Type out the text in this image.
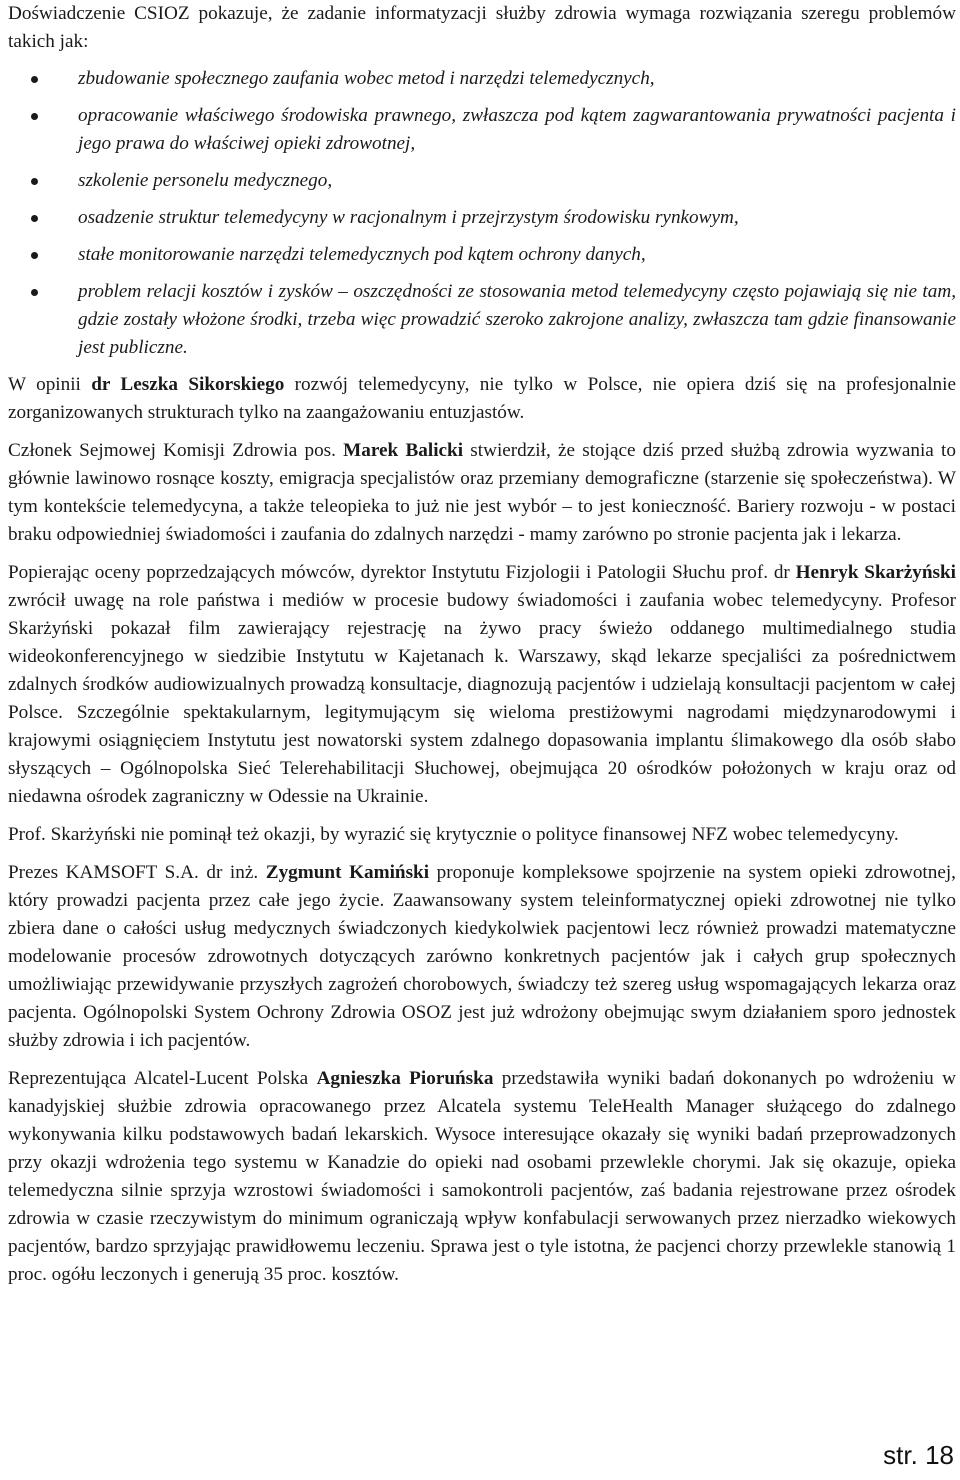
Doświadczenie CSIOZ pokazuje, że zadanie informatyzacji służby zdrowia wymaga rozwiązania szeregu problemów takich jak:

zbudowanie społecznego zaufania wobec metod i narzędzi telemedycznych,
opracowanie właściwego środowiska prawnego, zwłaszcza pod kątem zagwarantowania prywatności pacjenta i jego prawa do właściwej opieki zdrowotnej,
szkolenie personelu medycznego,
osadzenie struktur telemedycyny w racjonalnym i przejrzystym środowisku rynkowym,
stałe monitorowanie narzędzi telemedycznych pod kątem ochrony danych,
problem relacji kosztów i zysków – oszczędności ze stosowania metod telemedycyny często pojawiają się nie tam, gdzie zostały włożone środki, trzeba więc prowadzić szeroko zakrojone analizy, zwłaszcza tam gdzie finansowanie jest publiczne.

W opinii dr Leszka Sikorskiego rozwój telemedycyny, nie tylko w Polsce, nie opiera dziś się na profesjonalnie zorganizowanych strukturach tylko na zaangażowaniu entuzjastów.

Członek Sejmowej Komisji Zdrowia pos. Marek Balicki stwierdził, że stojące dziś przed służbą zdrowia wyzwania to głównie lawinowo rosnące koszty, emigracja specjalistów oraz przemiany demograficzne (starzenie się społeczeństwa). W tym kontekście telemedycyna, a także teleopieka to już nie jest wybór – to jest konieczność. Bariery rozwoju - w postaci braku odpowiedniej świadomości i zaufania do zdalnych narzędzi - mamy zarówno po stronie pacjenta jak i lekarza.

Popierając oceny poprzedzających mówców, dyrektor Instytutu Fizjologii i Patologii Słuchu prof. dr Henryk Skarżyński zwrócił uwagę na role państwa i mediów w procesie budowy świadomości i zaufania wobec telemedycyny. Profesor Skarżyński pokazał film zawierający rejestrację na żywo pracy świeżo oddanego multimedialnego studia wideokonferencyjnego w siedzibie Instytutu w Kajetanach k. Warszawy, skąd lekarze specjaliści za pośrednictwem zdalnych środków audiowizualnych prowadzą konsultacje, diagnozują pacjentów i udzielają konsultacji pacjentom w całej Polsce. Szczególnie spektakularnym, legitymującym się wieloma prestiżowymi nagrodami międzynarodowymi i krajowymi osiągnięciem Instytutu jest nowatorski system zdalnego dopasowania implantu ślimakowego dla osób słabo słyszących – Ogólnopolska Sieć Telerehabilitacji Słuchowej, obejmująca 20 ośrodków położonych w kraju oraz od niedawna ośrodek zagraniczny w Odessie na Ukrainie.

Prof. Skarżyński nie pominął też okazji, by wyrazić się krytycznie o polityce finansowej NFZ wobec telemedycyny.

Prezes KAMSOFT S.A. dr inż. Zygmunt Kamiński proponuje kompleksowe spojrzenie na system opieki zdrowotnej, który prowadzi pacjenta przez całe jego życie. Zaawansowany system teleinformatycznej opieki zdrowotnej nie tylko zbiera dane o całości usług medycznych świadczonych kiedykolwiek pacjentowi lecz również prowadzi matematyczne modelowanie procesów zdrowotnych dotyczących zarówno konkretnych pacjentów jak i całych grup społecznych umożliwiając przewidywanie przyszłych zagrożeń chorobowych, świadczy też szereg usług wspomagających lekarza oraz pacjenta. Ogólnopolski System Ochrony Zdrowia OSOZ jest już wdrożony obejmując swym działaniem sporo jednostek służby zdrowia i ich pacjentów.

Reprezentująca Alcatel-Lucent Polska Agnieszka Pioruńska przedstawiła wyniki badań dokonanych po wdrożeniu w kanadyjskiej służbie zdrowia opracowanego przez Alcatela systemu TeleHealth Manager służącego do zdalnego wykonywania kilku podstawowych badań lekarskich. Wysoce interesujące okazały się wyniki badań przeprowadzonych przy okazji wdrożenia tego systemu w Kanadzie do opieki nad osobami przewlekle chorymi. Jak się okazuje, opieka telemedyczna silnie sprzyja wzrostowi świadomości i samokontroli pacjentów, zaś badania rejestrowane przez ośrodek zdrowia w czasie rzeczywistym do minimum ograniczają wpływ konfabulacji serwowanych przez nierzadko wiekowych pacjentów, bardzo sprzyjając prawidłowemu leczeniu. Sprawa jest o tyle istotna, że pacjenci chorzy przewlekle stanowią 1 proc. ogółu leczonych i generują 35 proc. kosztów.

str. 18
